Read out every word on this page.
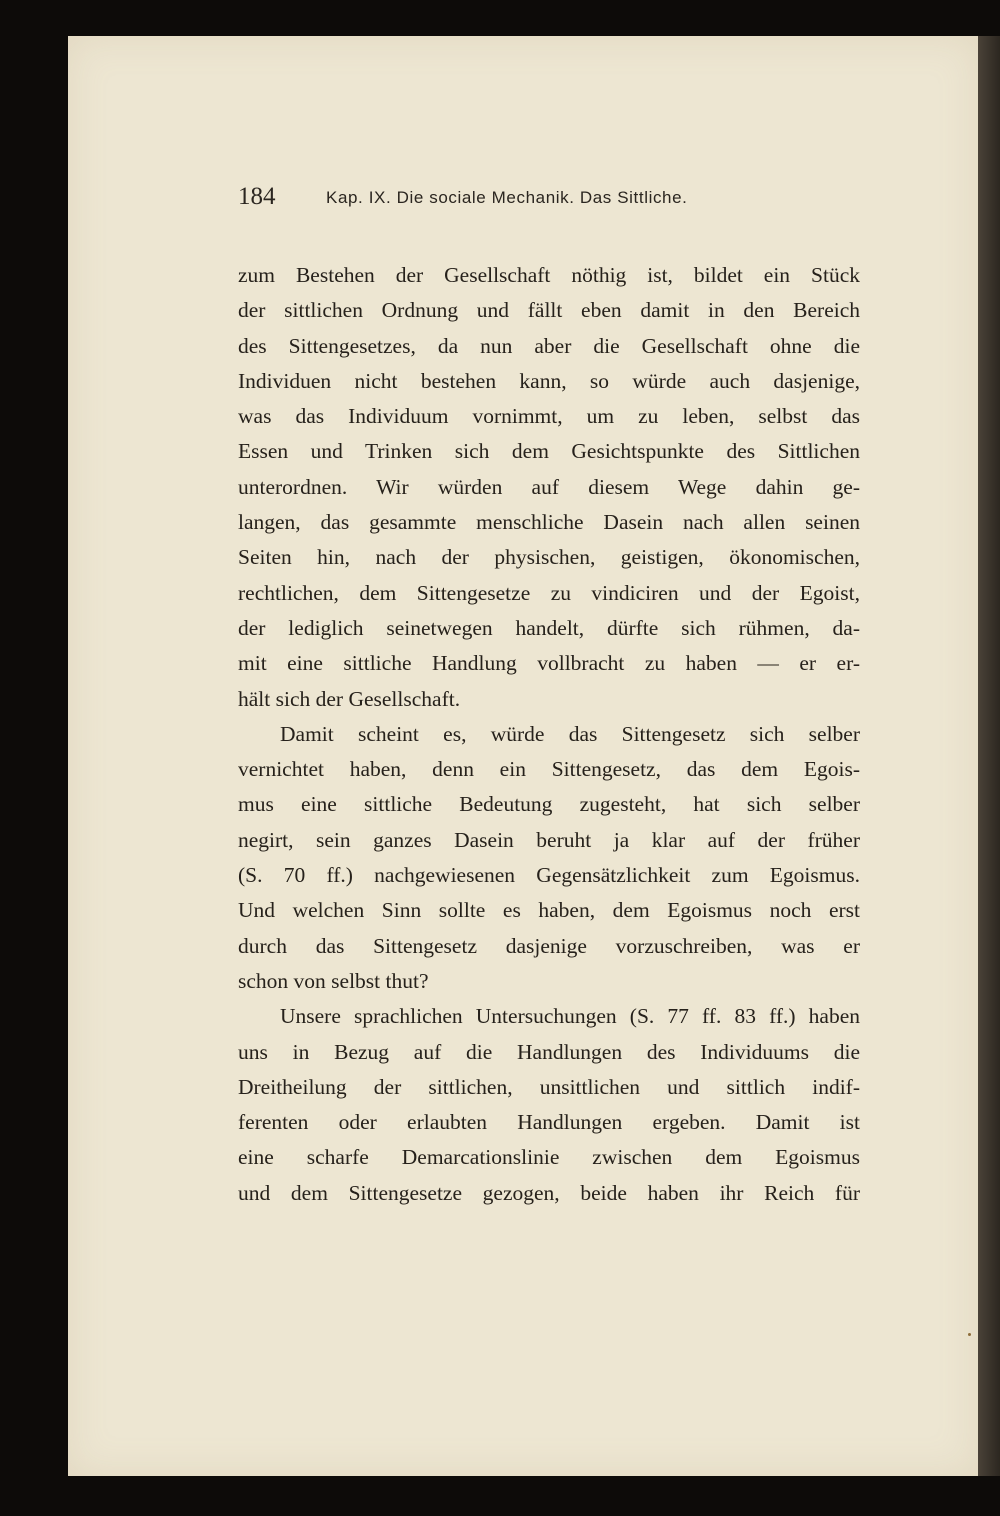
184	Kap. IX. Die sociale Mechanik. Das Sittliche.
zum Bestehen der Gesellschaft nöthig ist, bildet ein Stück
der sittlichen Ordnung und fällt eben damit in den Bereich
des Sittengesetzes, da nun aber die Gesellschaft ohne die
Individuen nicht bestehen kann, so würde auch dasjenige,
was das Individuum vornimmt, um zu leben, selbst das
Essen und Trinken sich dem Gesichtspunkte des Sittlichen
unterordnen. Wir würden auf diesem Wege dahin ge-
langen, das gesammte menschliche Dasein nach allen seinen
Seiten hin, nach der physischen, geistigen, ökonomischen,
rechtlichen, dem Sittengesetze zu vindiciren und der Egoist,
der lediglich seinetwegen handelt, dürfte sich rühmen, da-
mit eine sittliche Handlung vollbracht zu haben — er er-
hält sich der Gesellschaft.
Damit scheint es, würde das Sittengesetz sich selber
vernichtet haben, denn ein Sittengesetz, das dem Egois-
mus eine sittliche Bedeutung zugesteht, hat sich selber
negirt, sein ganzes Dasein beruht ja klar auf der früher
(S. 70 ff.) nachgewiesenen Gegensätzlichkeit zum Egoismus.
Und welchen Sinn sollte es haben, dem Egoismus noch erst
durch das Sittengesetz dasjenige vorzuschreiben, was er
schon von selbst thut?
Unsere sprachlichen Untersuchungen (S. 77 ff. 83 ff.) haben
uns in Bezug auf die Handlungen des Individuums die
Dreitheilung der sittlichen, unsittlichen und sittlich indif-
ferenten oder erlaubten Handlungen ergeben. Damit ist
eine scharfe Demarcationslinie zwischen dem Egoismus
und dem Sittengesetze gezogen, beide haben ihr Reich für
